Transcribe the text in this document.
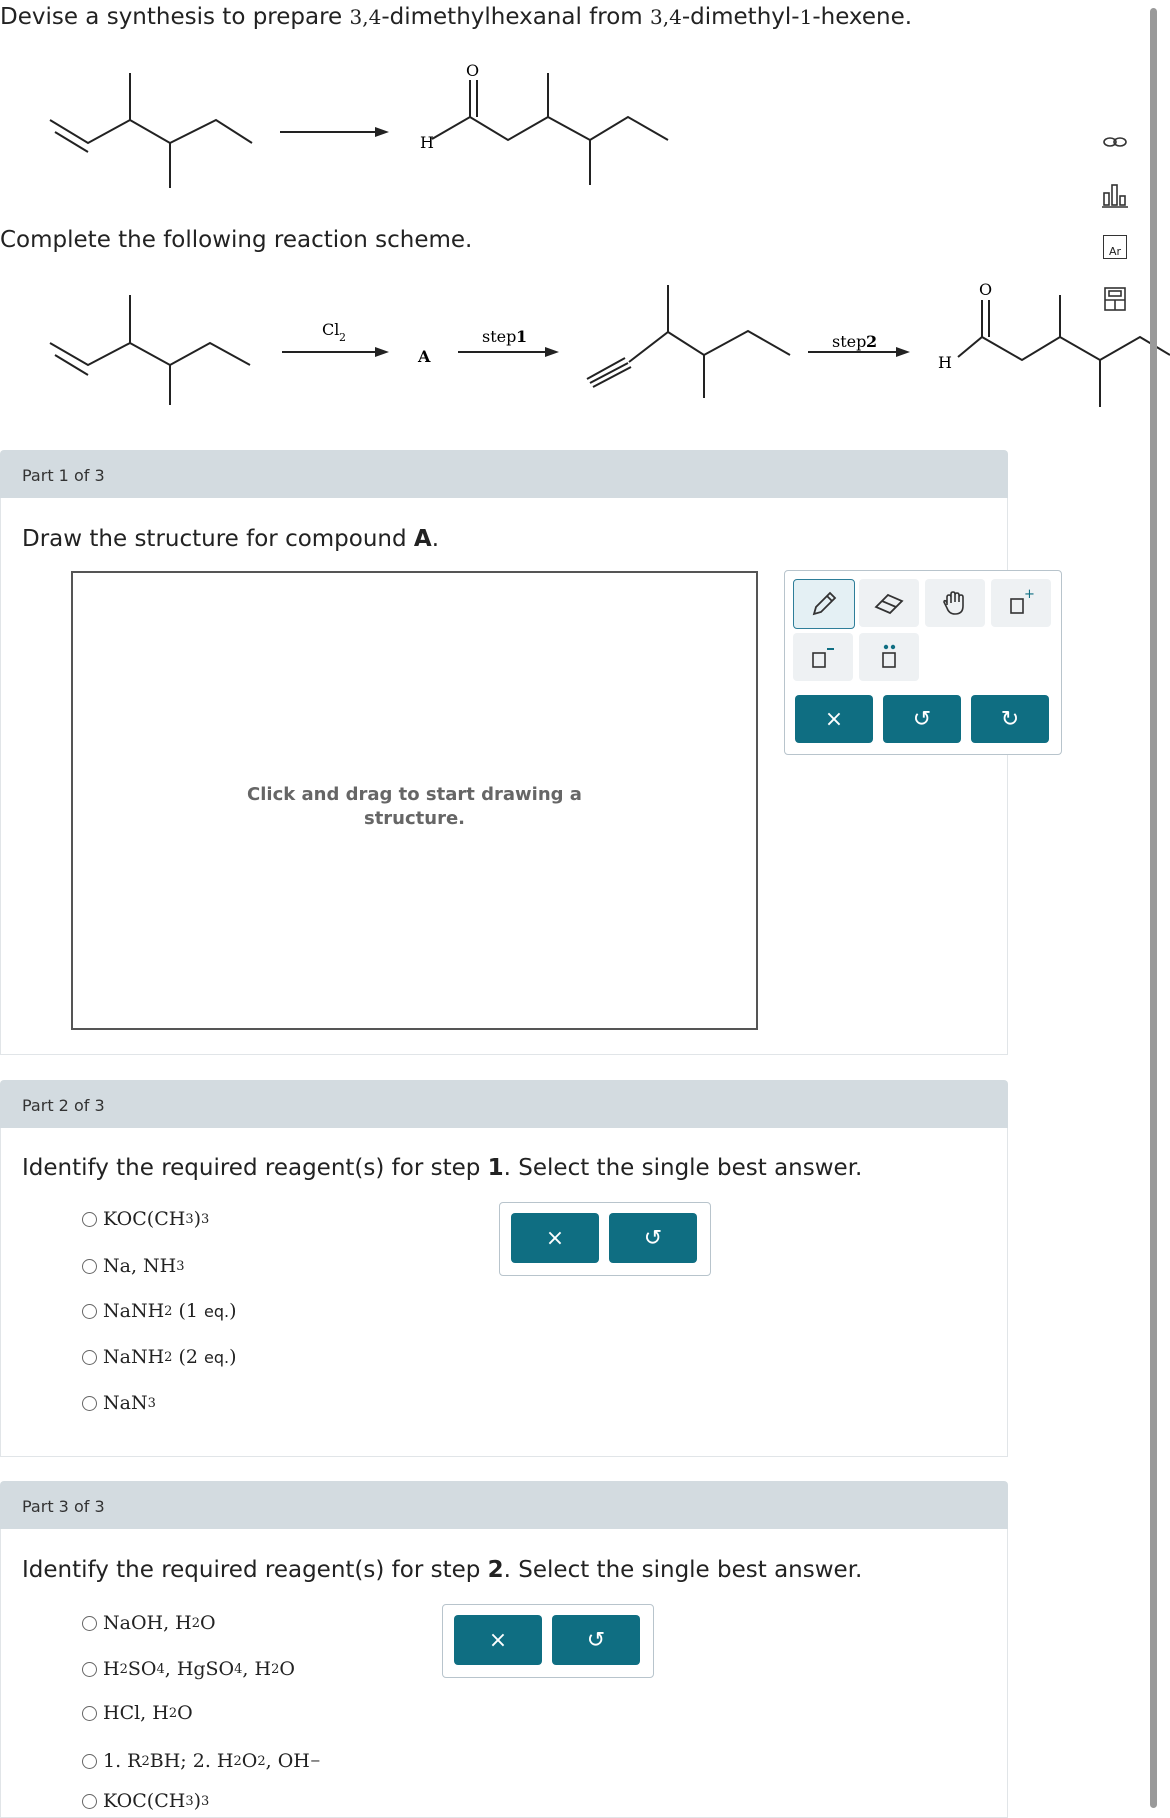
Devise a synthesis to prepare 3,4-dimethylhexanal from 3,4-dimethyl-1-hexene.
O
H
Complete the following reaction scheme.
Cl 2
A
step 1	step 2
O
H
Part 1 of 3
Draw the structure for compound A.
Click and drag to start drawing a
structure.
+
×	↺	↻
Part 2 of 3
Identify the required reagent(s) for step 1. Select the single best answer.
KOC(CH 3 ) 3
Na, NH 3
NaNH 2 (1 eq. )
NaNH 2 (2 eq. )
NaN 3
×	↺
Part 3 of 3
Identify the required reagent(s) for step 2. Select the single best answer.
NaOH, H 2 O
H 2 SO 4 , HgSO 4 , H 2 O
HCl, H 2 O
1. R 2 BH; 2. H 2 O 2 , OH −
KOC(CH 3 ) 3
×	↺
Ar
